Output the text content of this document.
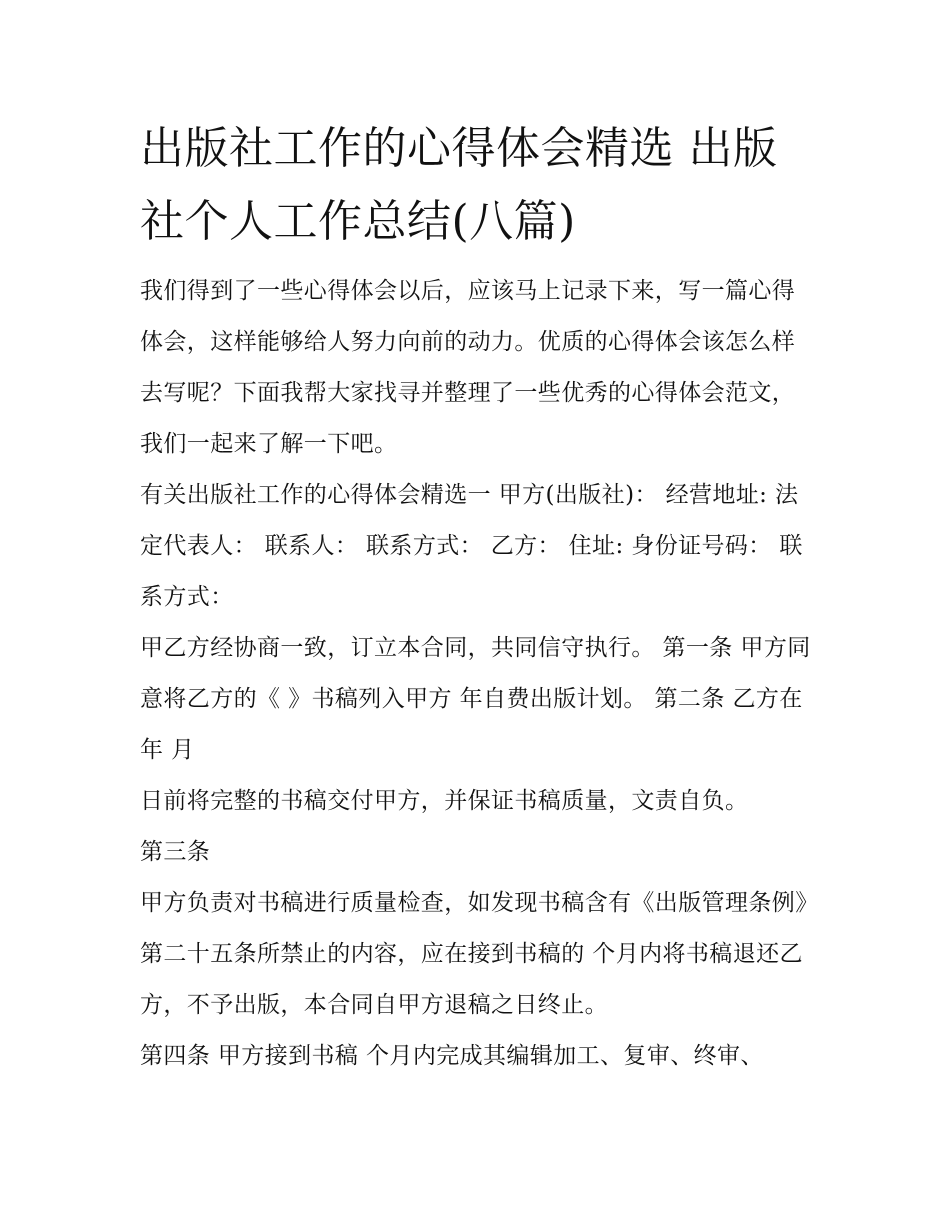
出版社工作的心得体会精选 出版社个人工作总结(八篇)

我们得到了一些心得体会以后，应该马上记录下来，写一篇心得体会，这样能够给人努力向前的动力。优质的心得体会该怎么样去写呢？下面我帮大家找寻并整理了一些优秀的心得体会范文，我们一起来了解一下吧。

有关出版社工作的心得体会精选一 甲方(出版社)： 经营地址: 法定代表人： 联系人： 联系方式： 乙方： 住址: 身份证号码： 联系方式：

甲乙方经协商一致，订立本合同，共同信守执行。 第一条 甲方同意将乙方的《 》书稿列入甲方 年自费出版计划。 第二条 乙方在 年 月

日前将完整的书稿交付甲方，并保证书稿质量，文责自负。

第三条

甲方负责对书稿进行质量检查，如发现书稿含有《出版管理条例》第二十五条所禁止的内容，应在接到书稿的 个月内将书稿退还乙方，不予出版，本合同自甲方退稿之日终止。

第四条 甲方接到书稿 个月内完成其编辑加工、复审、终审、
